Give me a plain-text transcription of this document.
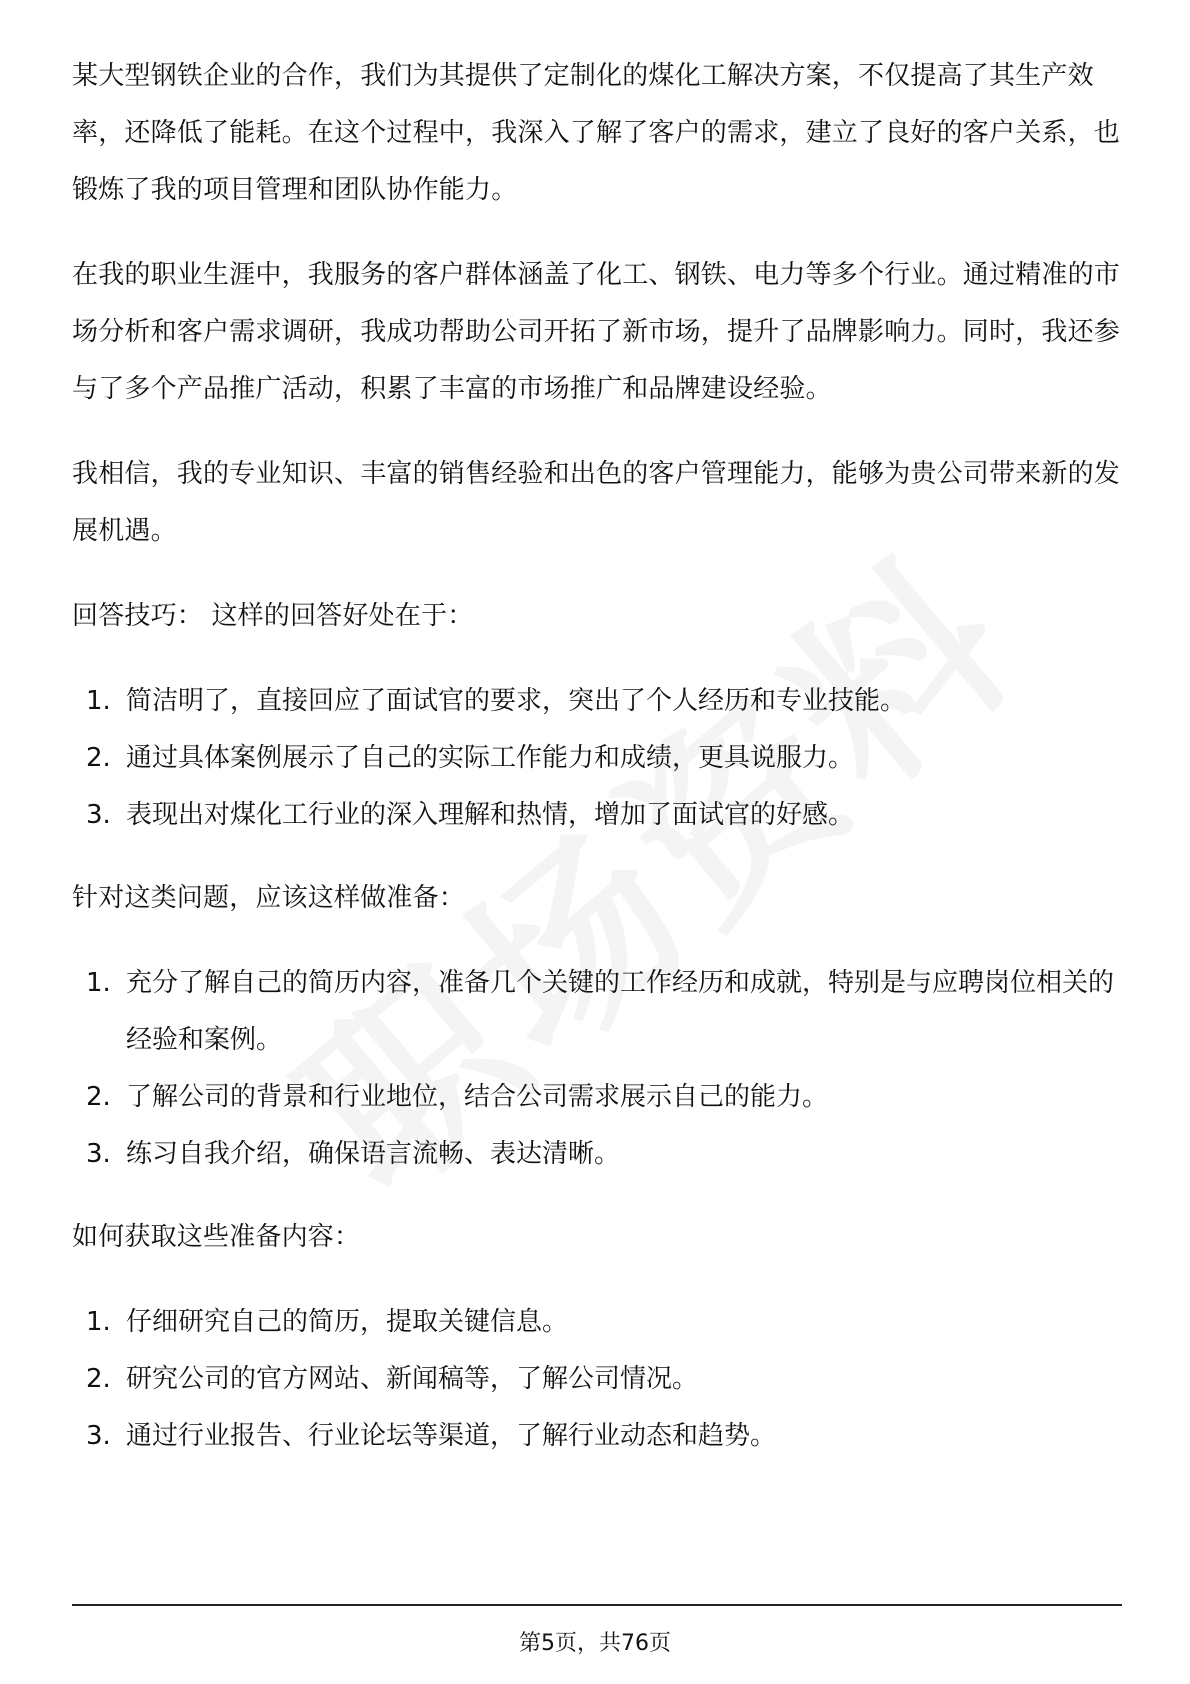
某大型钢铁企业的合作，我们为其提供了定制化的煤化工解决方案，不仅提高了其生产效率，还降低了能耗。在这个过程中，我深入了解了客户的需求，建立了良好的客户关系，也锻炼了我的项目管理和团队协作能力。

在我的职业生涯中，我服务的客户群体涵盖了化工、钢铁、电力等多个行业。通过精准的市场分析和客户需求调研，我成功帮助公司开拓了新市场，提升了品牌影响力。同时，我还参与了多个产品推广活动，积累了丰富的市场推广和品牌建设经验。

我相信，我的专业知识、丰富的销售经验和出色的客户管理能力，能够为贵公司带来新的发展机遇。

回答技巧： 这样的回答好处在于：

1. 简洁明了，直接回应了面试官的要求，突出了个人经历和专业技能。
2. 通过具体案例展示了自己的实际工作能力和成绩，更具说服力。
3. 表现出对煤化工行业的深入理解和热情，增加了面试官的好感。

针对这类问题，应该这样做准备：

1. 充分了解自己的简历内容，准备几个关键的工作经历和成就，特别是与应聘岗位相关的经验和案例。
2. 了解公司的背景和行业地位，结合公司需求展示自己的能力。
3. 练习自我介绍，确保语言流畅、表达清晰。

如何获取这些准备内容：

1. 仔细研究自己的简历，提取关键信息。
2. 研究公司的官方网站、新闻稿等，了解公司情况。
3. 通过行业报告、行业论坛等渠道，了解行业动态和趋势。
第5页，共76页
